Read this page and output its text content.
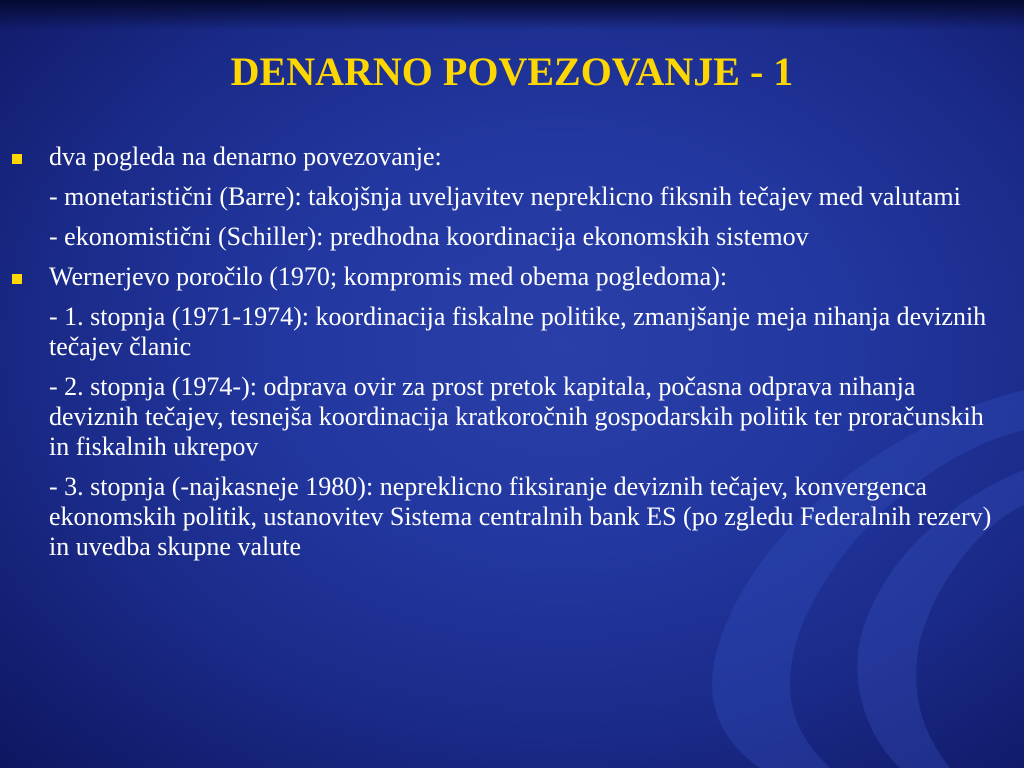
DENARNO POVEZOVANJE - 1
dva pogleda na denarno povezovanje:
- monetaristični (Barre): takojšnja uveljavitev nepreklicno fiksnih tečajev med valutami
- ekonomistični (Schiller): predhodna koordinacija ekonomskih sistemov
Wernerjevo poročilo (1970; kompromis med obema pogledoma):
- 1. stopnja (1971-1974): koordinacija fiskalne politike, zmanjšanje meja nihanja deviznih tečajev članic
- 2. stopnja (1974-): odprava ovir za prost pretok kapitala, počasna odprava nihanja deviznih tečajev, tesnejša koordinacija kratkoročnih gospodarskih politik ter proračunskih in fiskalnih ukrepov
- 3. stopnja (-najkasneje 1980): nepreklicno fiksiranje deviznih tečajev, konvergenca ekonomskih politik, ustanovitev Sistema centralnih bank ES (po zgledu Federalnih rezerv) in uvedba skupne valute
